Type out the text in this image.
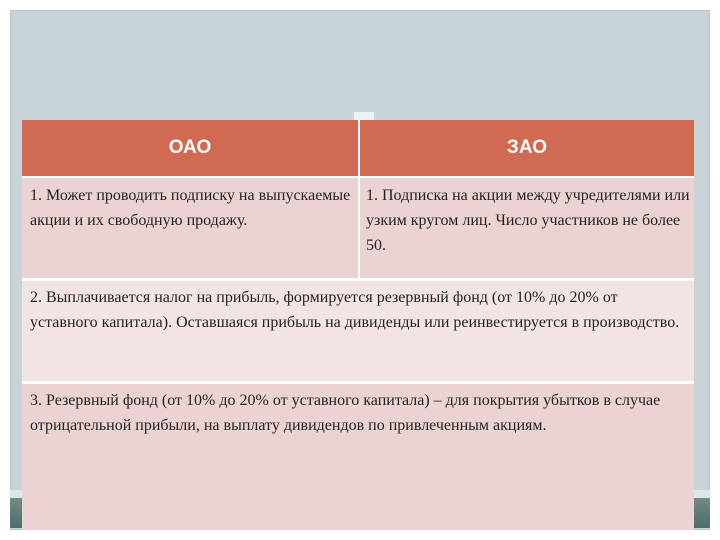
ОАО	ЗАО
1. Может проводить подписку на выпускаемые акции и их свободную продажу.
1. Подписка на акции между учредителями или узким кругом лиц. Число участников не более 50.
2. Выплачивается налог на прибыль, формируется резервный фонд (от 10% до 20% от уставного капитала). Оставшаяся прибыль на дивиденды или реинвестируется в производство.
3. Резервный фонд (от 10% до 20% от уставного капитала) – для покрытия убытков в случае отрицательной прибыли, на выплату дивидендов по привлеченным акциям.
